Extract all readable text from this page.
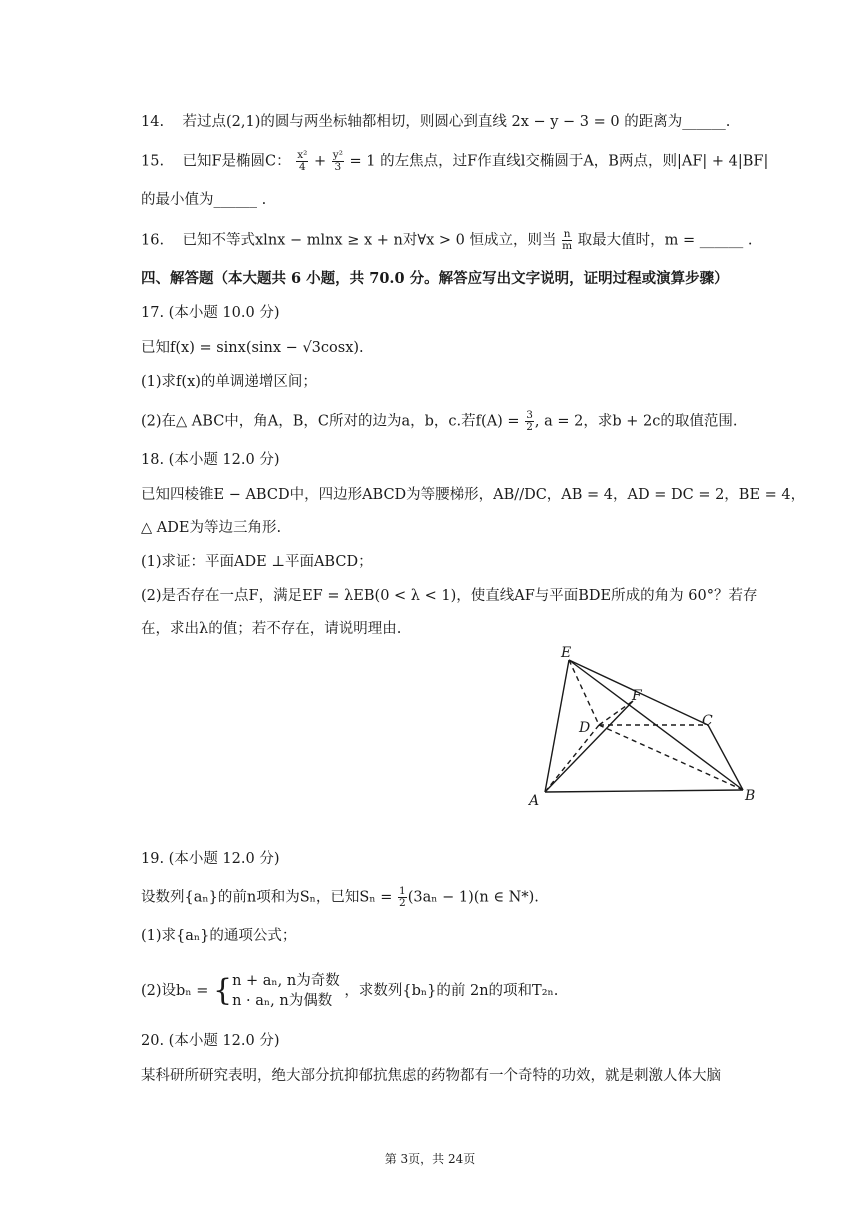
14. 若过点(2,1)的圆与两坐标轴都相切，则圆心到直线 2x − y − 3 = 0 的距离为______.
15. 已知F是椭圆C： $\frac{\text{x²}}{4} + \frac{\text{y²}}{3} = 1$ 的左焦点，过F作直线l交椭圆于A，B两点，则|AF| + 4|BF|
的最小值为______ .
16. 已知不等式xlnx − mlnx ≥ x + n对∀x > 0 恒成立，则当 $\frac{n}{m}$ 取最大值时，m = ______ .
四、解答题（本大题共 6 小题，共 70.0 分。解答应写出文字说明，证明过程或演算步骤）
17. (本小题 10.0 分)
已知f(x) = sinx(sinx − √3cosx).
(1)求f(x)的单调递增区间；
(2)在△ ABC中，角A，B，C所对的边为a，b，c.若$f(A) = \frac{3}{2}$ , a = 2，求b + 2c的取值范围.
18. (本小题 12.0 分)
已知四棱锥E − ABCD中，四边形ABCD为等腰梯形，AB//DC，AB = 4，AD = DC = 2，BE = 4，
△ ADE为等边三角形.
(1)求证：平面ADE ⊥平面ABCD；
(2)是否存在一点F，满足EF = λEB(0 < λ < 1)，使直线AF与平面BDE所成的角为 60°？若存
在，求出λ的值；若不存在，请说明理由.
E
F
D	C
A	B
19. (本小题 12.0 分)
设数列{aₙ}的前n项和为Sₙ，已知$S_n = \frac{1}{2} (3a_n - 1)(n$ ∈ N*).
(1)求{aₙ}的通项公式；
(2)设bₙ = { n + aₙ, n为奇数
n · aₙ, n为偶数
，求数列{bₙ}的前 2n的项和T₂ₙ.
20. (本小题 12.0 分)
某科研所研究表明，绝大部分抗抑郁抗焦虑的药物都有一个奇特的功效，就是刺激人体大脑
第 3页，共 24页
